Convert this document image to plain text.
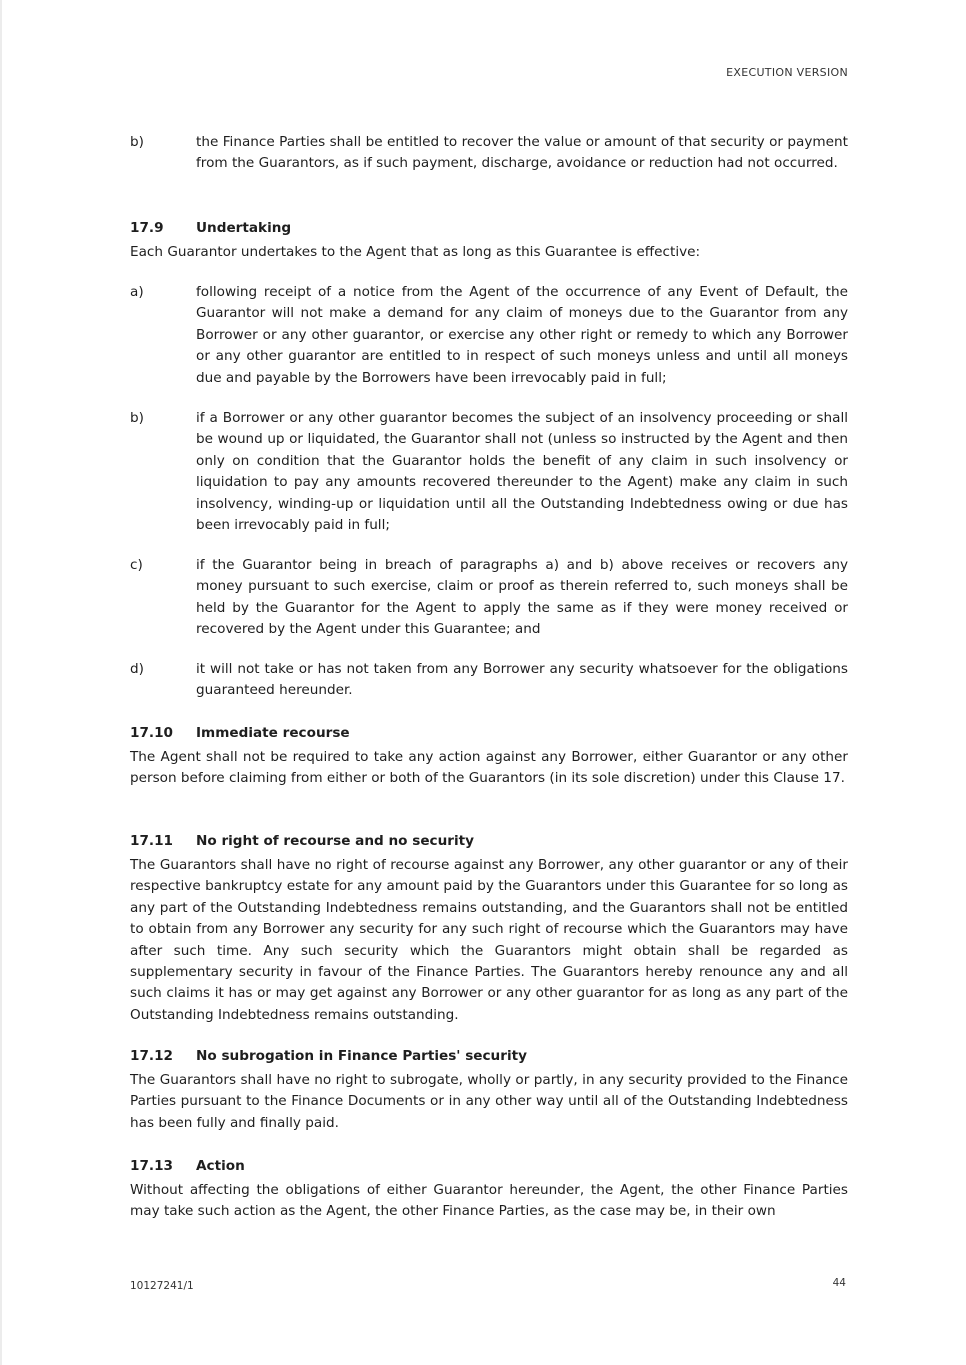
EXECUTION VERSION
b)	the Finance Parties shall be entitled to recover the value or amount of that security or payment from the Guarantors, as if such payment, discharge, avoidance or reduction had not occurred.
17.9 Undertaking
Each Guarantor undertakes to the Agent that as long as this Guarantee is effective:
a)	following receipt of a notice from the Agent of the occurrence of any Event of Default, the Guarantor will not make a demand for any claim of moneys due to the Guarantor from any Borrower or any other guarantor, or exercise any other right or remedy to which any Borrower or any other guarantor are entitled to in respect of such moneys unless and until all moneys due and payable by the Borrowers have been irrevocably paid in full;
b)	if a Borrower or any other guarantor becomes the subject of an insolvency proceeding or shall be wound up or liquidated, the Guarantor shall not (unless so instructed by the Agent and then only on condition that the Guarantor holds the benefit of any claim in such insolvency or liquidation to pay any amounts recovered thereunder to the Agent) make any claim in such insolvency, winding-up or liquidation until all the Outstanding Indebtedness owing or due has been irrevocably paid in full;
c)	if the Guarantor being in breach of paragraphs a) and b) above receives or recovers any money pursuant to such exercise, claim or proof as therein referred to, such moneys shall be held by the Guarantor for the Agent to apply the same as if they were money received or recovered by the Agent under this Guarantee; and
d)	it will not take or has not taken from any Borrower any security whatsoever for the obligations guaranteed hereunder.
17.10 Immediate recourse
The Agent shall not be required to take any action against any Borrower, either Guarantor or any other person before claiming from either or both of the Guarantors (in its sole discretion) under this Clause 17.
17.11 No right of recourse and no security
The Guarantors shall have no right of recourse against any Borrower, any other guarantor or any of their respective bankruptcy estate for any amount paid by the Guarantors under this Guarantee for so long as any part of the Outstanding Indebtedness remains outstanding, and the Guarantors shall not be entitled to obtain from any Borrower any security for any such right of recourse which the Guarantors may have after such time. Any such security which the Guarantors might obtain shall be regarded as supplementary security in favour of the Finance Parties. The Guarantors hereby renounce any and all such claims it has or may get against any Borrower or any other guarantor for as long as any part of the Outstanding Indebtedness remains outstanding.
17.12 No subrogation in Finance Parties' security
The Guarantors shall have no right to subrogate, wholly or partly, in any security provided to the Finance Parties pursuant to the Finance Documents or in any other way until all of the Outstanding Indebtedness has been fully and finally paid.
17.13 Action
Without affecting the obligations of either Guarantor hereunder, the Agent, the other Finance Parties may take such action as the Agent, the other Finance Parties, as the case may be, in their own
10127241/1	44
